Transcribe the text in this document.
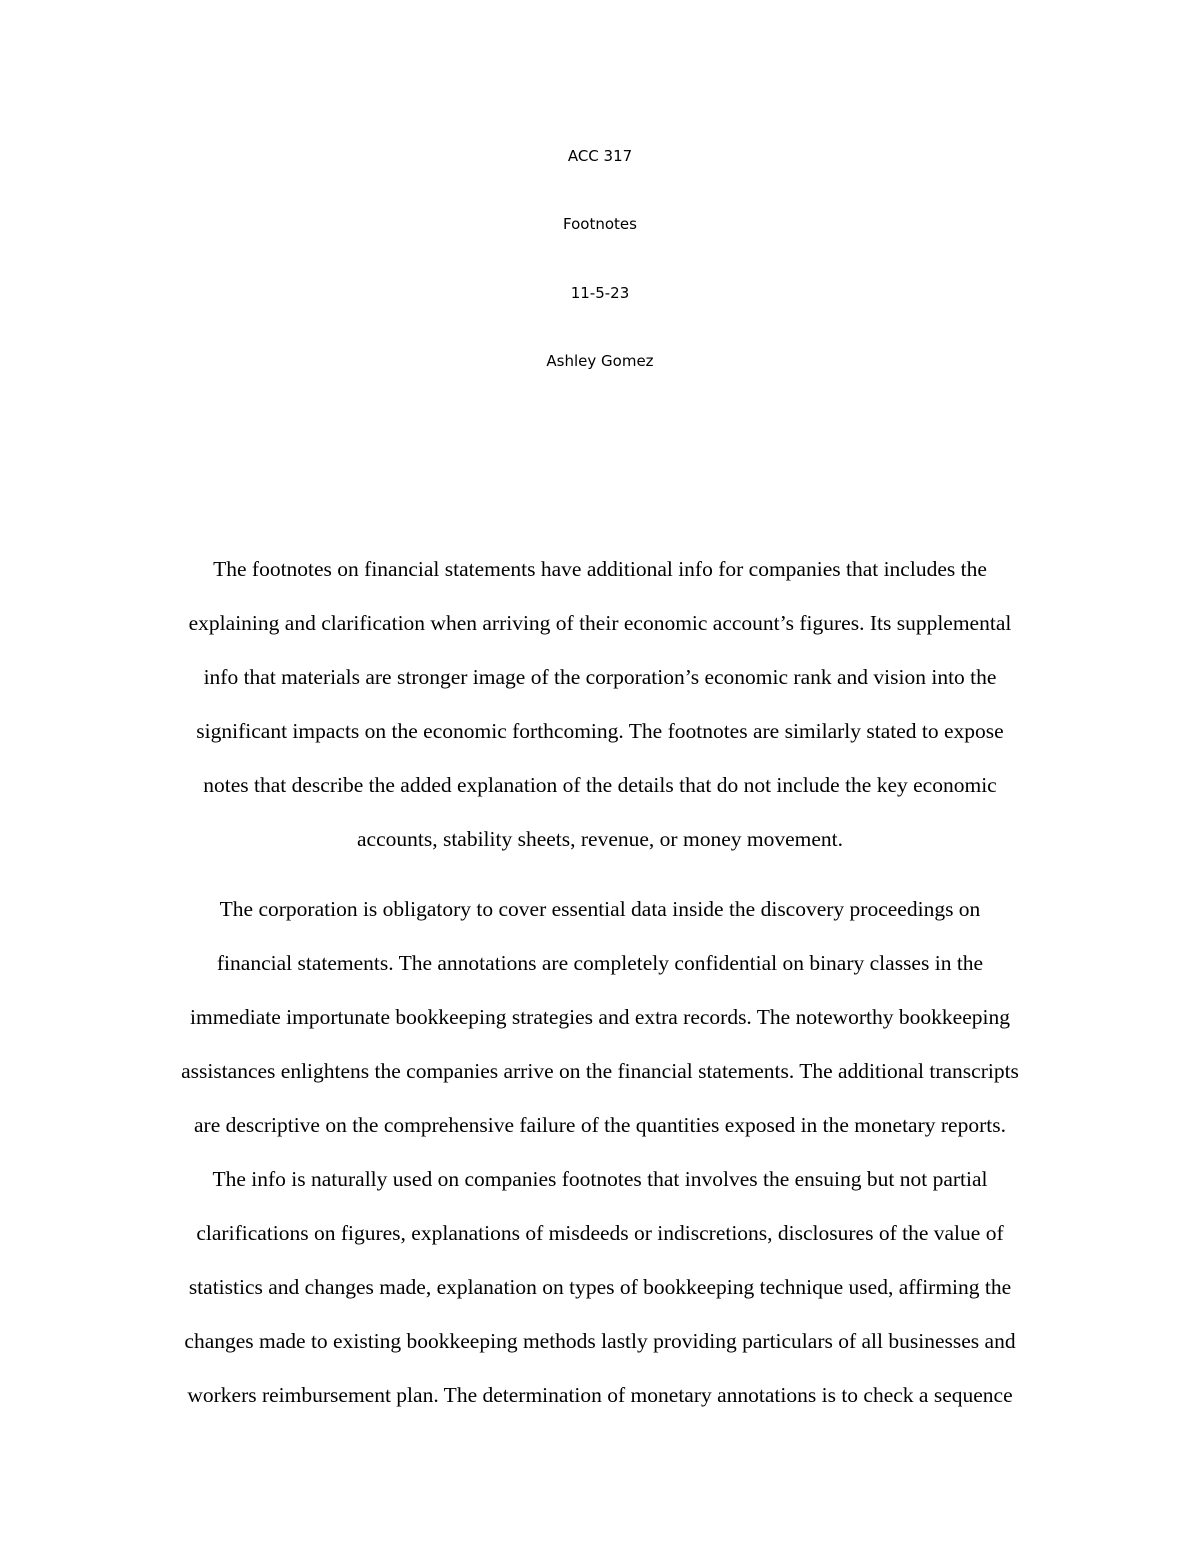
ACC 317
Footnotes
11-5-23
Ashley Gomez
The footnotes on financial statements have additional info for companies that includes the
explaining and clarification when arriving of their economic account’s figures. Its supplemental
info that materials are stronger image of the corporation’s economic rank and vision into the
significant impacts on the economic forthcoming. The footnotes are similarly stated to expose
notes that describe the added explanation of the details that do not include the key economic
accounts, stability sheets, revenue, or money movement.
The corporation is obligatory to cover essential data inside the discovery proceedings on
financial statements. The annotations are completely confidential on binary classes in the
immediate importunate bookkeeping strategies and extra records. The noteworthy bookkeeping
assistances enlightens the companies arrive on the financial statements. The additional transcripts
are descriptive on the comprehensive failure of the quantities exposed in the monetary reports.
The info is naturally used on companies footnotes that involves the ensuing but not partial
clarifications on figures, explanations of misdeeds or indiscretions, disclosures of the value of
statistics and changes made, explanation on types of bookkeeping technique used, affirming the
changes made to existing bookkeeping methods lastly providing particulars of all businesses and
workers reimbursement plan. The determination of monetary annotations is to check a sequence
